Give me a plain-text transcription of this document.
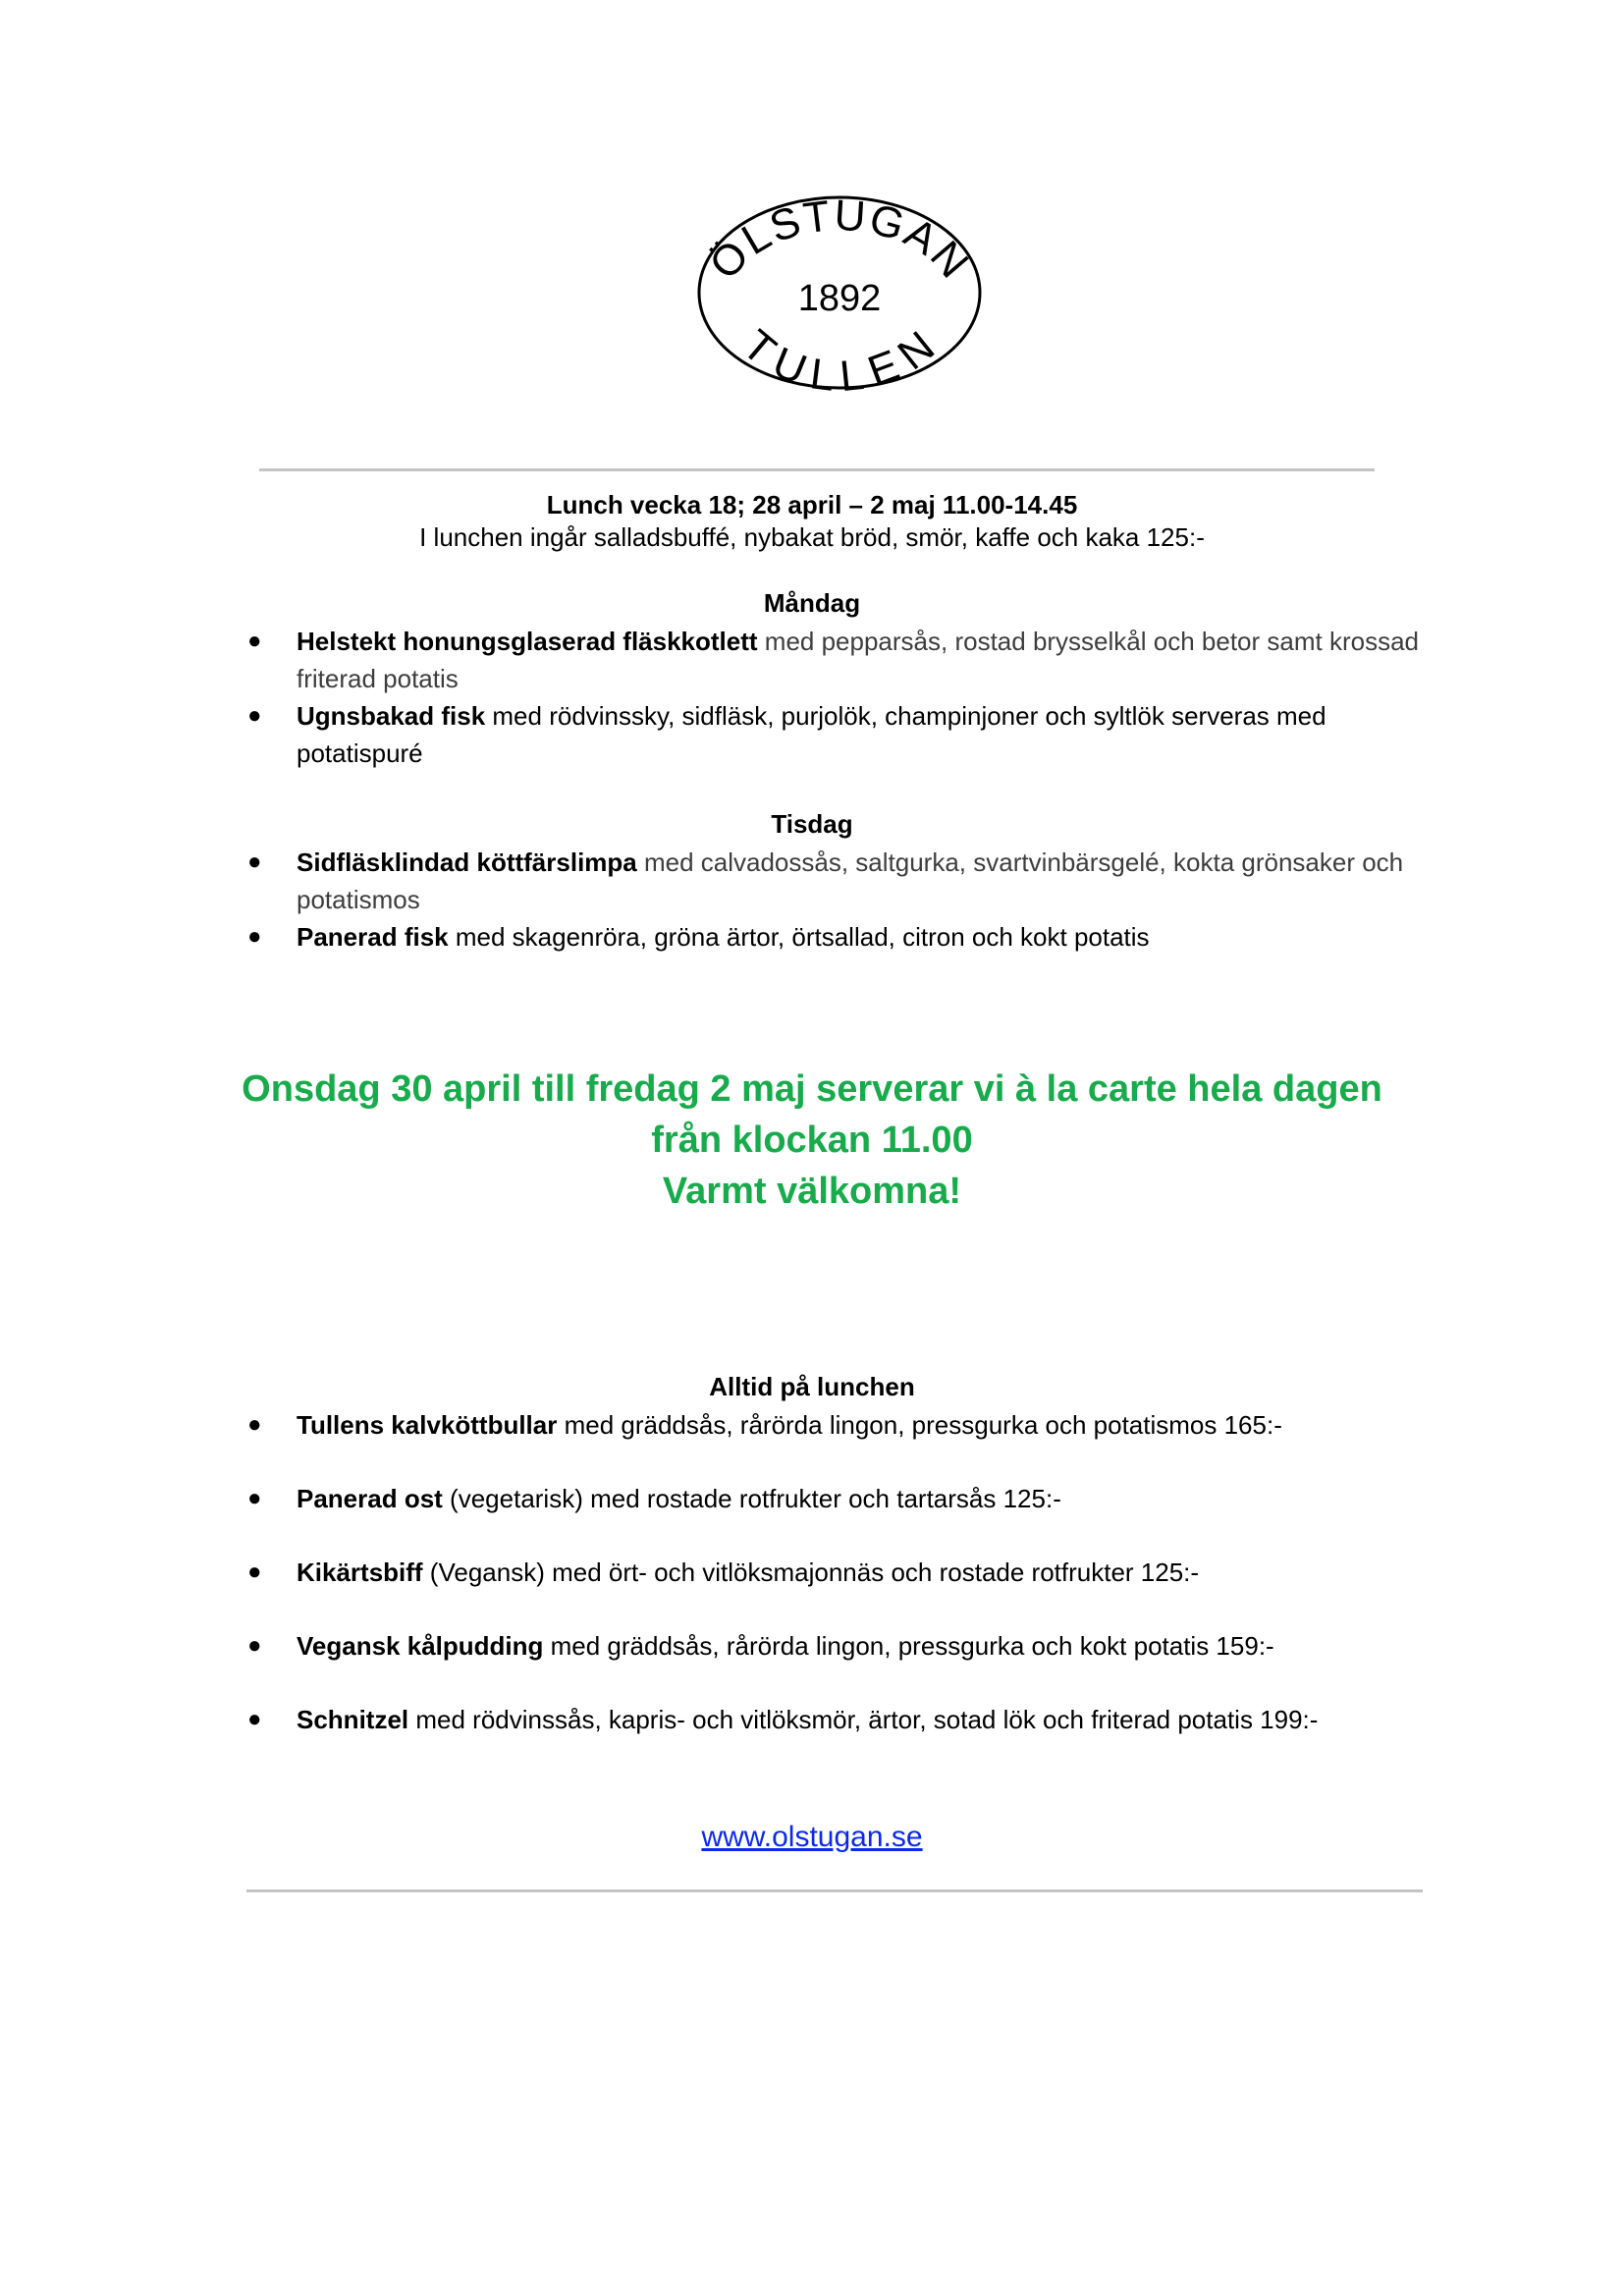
ÖLSTUGAN
1892
TULLEN
Lunch vecka 18; 28 april – 2 maj 11.00-14.45
I lunchen ingår salladsbuffé, nybakat bröd, smör, kaffe och kaka 125:-
Måndag
● Helstekt honungsglaserad fläskkotlett med pepparsås, rostad brysselkål och betor samt krossad friterad potatis
● Ugnsbakad fisk med rödvinssky, sidfläsk, purjolök, champinjoner och syltlök serveras med potatispuré
Tisdag
● Sidfläsklindad köttfärslimpa med calvadossås, saltgurka, svartvinbärsgelé, kokta grönsaker och potatismos
● Panerad fisk med skagenröra, gröna ärtor, örtsallad, citron och kokt potatis
Onsdag 30 april till fredag 2 maj serverar vi à la carte hela dagen
från klockan 11.00
Varmt välkomna!
Alltid på lunchen
● Tullens kalvköttbullar med gräddsås, rårörda lingon, pressgurka och potatismos 165:-
● Panerad ost (vegetarisk) med rostade rotfrukter och tartarsås 125:-
● Kikärtsbiff (Vegansk) med ört- och vitlöksmajonnäs och rostade rotfrukter 125:-
● Vegansk kålpudding med gräddsås, rårörda lingon, pressgurka och kokt potatis 159:-
● Schnitzel med rödvinssås, kapris- och vitlöksmör, ärtor, sotad lök och friterad potatis 199:-
www.olstugan.se
